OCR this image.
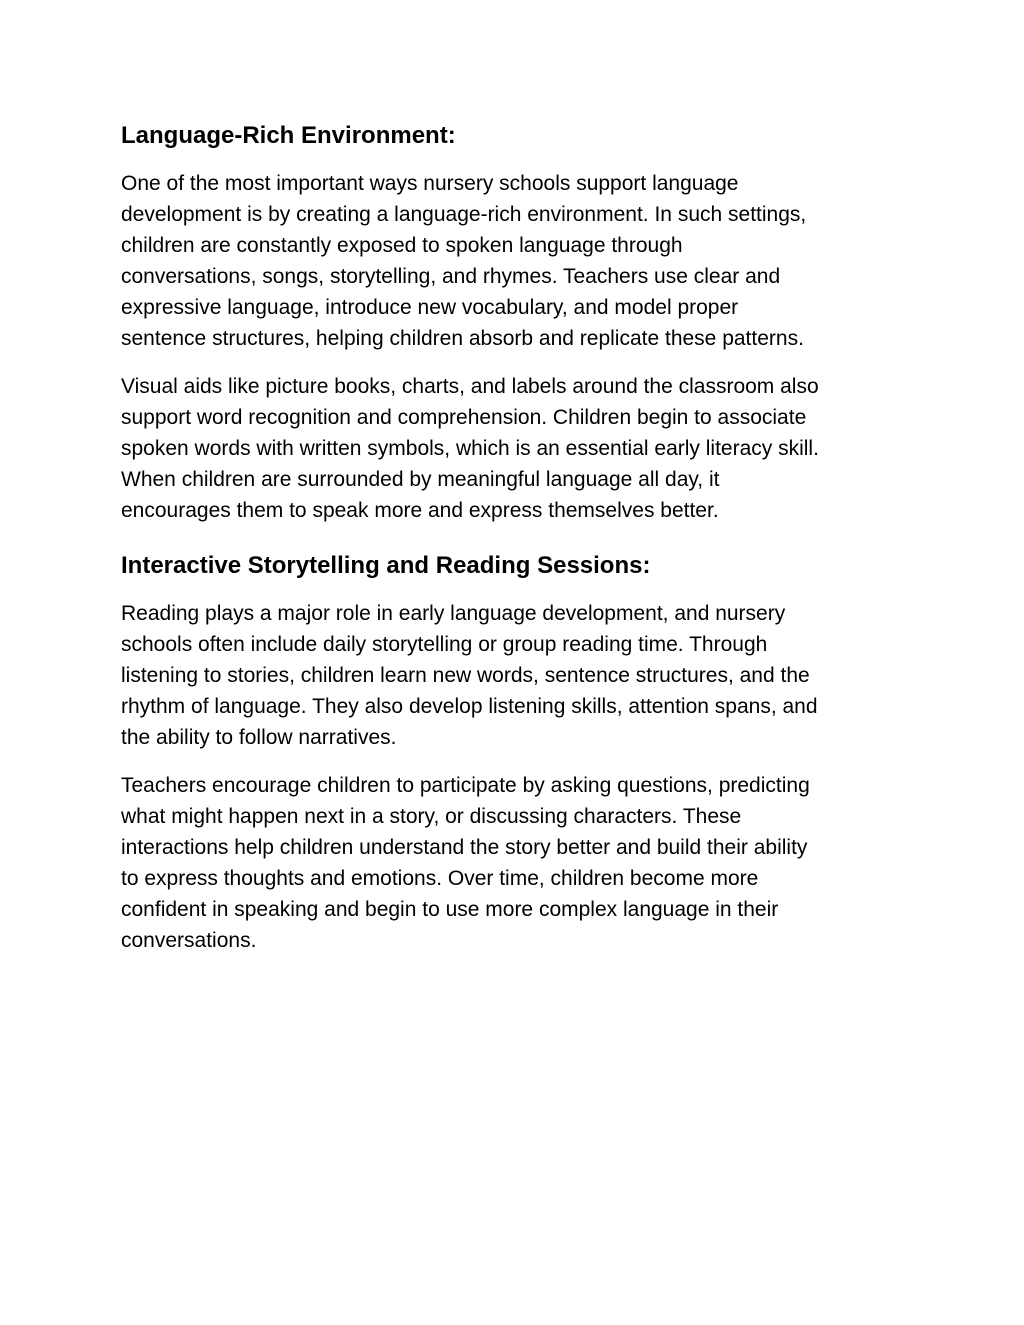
Language-Rich Environment:

One of the most important ways nursery schools support language
development is by creating a language-rich environment. In such settings,
children are constantly exposed to spoken language through
conversations, songs, storytelling, and rhymes. Teachers use clear and
expressive language, introduce new vocabulary, and model proper
sentence structures, helping children absorb and replicate these patterns.

Visual aids like picture books, charts, and labels around the classroom also
support word recognition and comprehension. Children begin to associate
spoken words with written symbols, which is an essential early literacy skill.
When children are surrounded by meaningful language all day, it
encourages them to speak more and express themselves better.

Interactive Storytelling and Reading Sessions:

Reading plays a major role in early language development, and nursery
schools often include daily storytelling or group reading time. Through
listening to stories, children learn new words, sentence structures, and the
rhythm of language. They also develop listening skills, attention spans, and
the ability to follow narratives.

Teachers encourage children to participate by asking questions, predicting
what might happen next in a story, or discussing characters. These
interactions help children understand the story better and build their ability
to express thoughts and emotions. Over time, children become more
confident in speaking and begin to use more complex language in their
conversations.
